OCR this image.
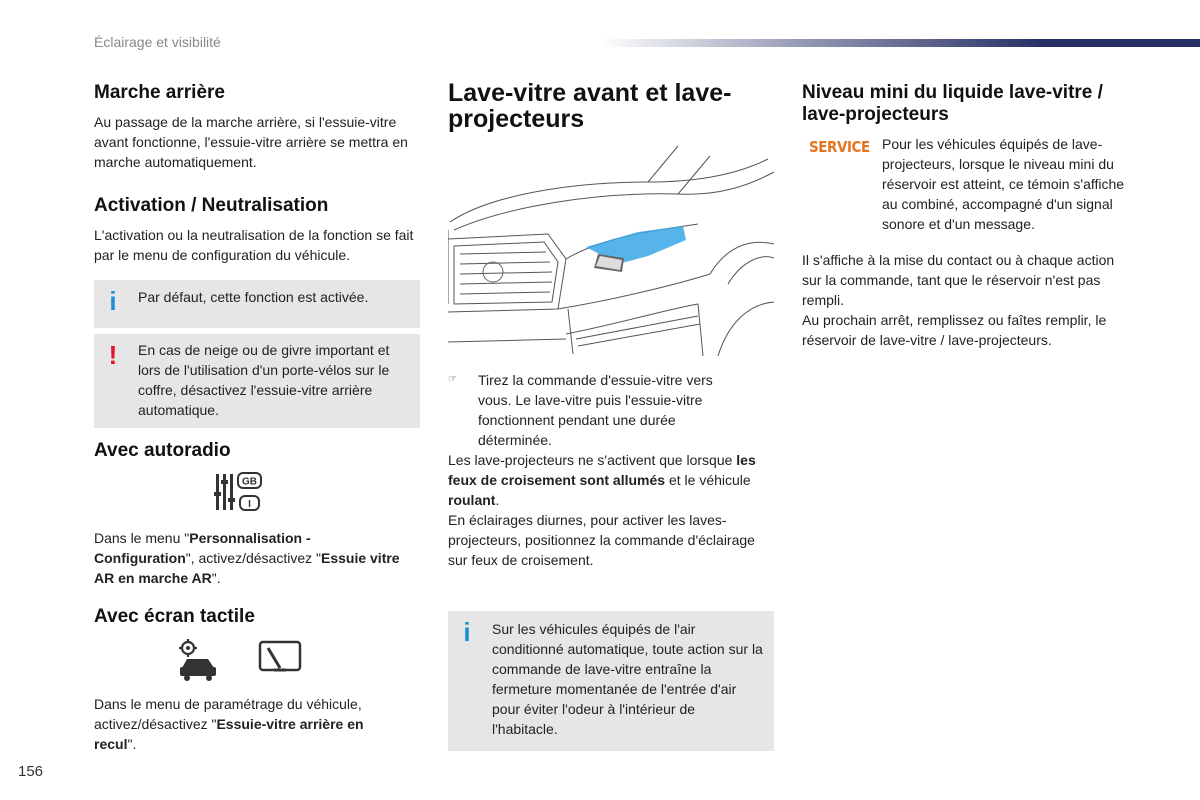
Éclairage et visibilité
Marche arrière

Au passage de la marche arrière, si l'essuie-vitre avant fonctionne, l'essuie-vitre arrière se mettra en marche automatiquement.

Activation / Neutralisation

L'activation ou la neutralisation de la fonction se fait par le menu de configuration du véhicule.

i Par défaut, cette fonction est activée.
! En cas de neige ou de givre important et lors de l'utilisation d'un porte-vélos sur le coffre, désactivez l'essuie-vitre arrière automatique.
Avec autoradio
GB
I

Dans le menu "Personnalisation - Configuration", activez/désactivez "Essuie vitre AR en marche AR".

Avec écran tactile

Dans le menu de paramétrage du véhicule, activez/désactivez "Essuie-vitre arrière en recul".

Lave-vitre avant et lave-projecteurs
☞ Tirez la commande d'essuie-vitre vers vous. Le lave-vitre puis l'essuie-vitre fonctionnent pendant une durée déterminée.

Les lave-projecteurs ne s'activent que lorsque les feux de croisement sont allumés et le véhicule roulant.

En éclairages diurnes, pour activer les laves-projecteurs, positionnez la commande d'éclairage sur feux de croisement.

i Sur les véhicules équipés de l'air conditionné automatique, toute action sur la commande de lave-vitre entraîne la fermeture momentanée de l'entrée d'air pour éviter l'odeur à l'intérieur de l'habitacle.
Niveau mini du liquide lave-vitre / lave-projecteurs
SERVICE Pour les véhicules équipés de lave-projecteurs, lorsque le niveau mini du réservoir est atteint, ce témoin s'affiche au combiné, accompagné d'un signal sonore et d'un message.

Il s'affiche à la mise du contact ou à chaque action sur la commande, tant que le réservoir n'est pas rempli.

Au prochain arrêt, remplissez ou faîtes remplir, le réservoir de lave-vitre / lave-projecteurs.

156
